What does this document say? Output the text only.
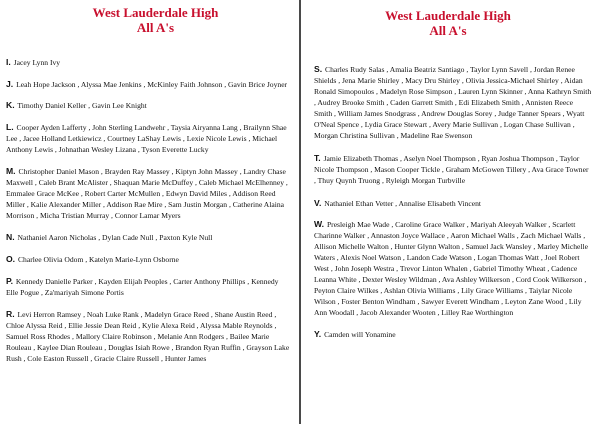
West Lauderdale High
All A's

I. Jacey Lynn Ivy

J. Leah Hope Jackson , Alyssa Mae Jenkins , McKinley Faith Johnson , Gavin Brice Joyner

K. Timothy Daniel Keller , Gavin Lee Knight

L. Cooper Ayden Lafferty , John Sterling Landwehr , Taysia Airyanna Lang , Brailynn Shae Lee , Jacee Holland Letkiewicz , Courtney LaShay Lewis , Lexie Nicole Lewis , Michael Anthony Lewis , Johnathan Wesley Lizana , Tyson Everette Lucky

M. Christopher Daniel Mason , Brayden Ray Massey , Kiptyn John Massey , Landry Chase Maxwell , Caleb Brant McAlister , Shaquan Marie McDuffey , Caleb Michael McElhenney , Emmalee Grace McKee , Robert Carter McMullen , Edwyn David Miles , Addison Reed Miller , Kalie Alexander Miller , Addison Rae Mire , Sam Justin Morgan , Catherine Alaina Morrison , Micha Tristian Murray , Connor Lamar Myers

N. Nathaniel Aaron Nicholas , Dylan Cade Null , Paxton Kyle Null

O. Charlee Olivia Odom , Katelyn Marie-Lynn Osborne

P. Kennedy Danielle Parker , Kayden Elijah Peoples , Carter Anthony Phillips , Kennedy Elle Pogue , Za'mariyah Simone Portis

R. Levi Herron Ramsey , Noah Luke Rank , Madelyn Grace Reed , Shane Austin Reed , Chloe Alyssa Reid , Ellie Jessie Dean Reid , Kylie Alexa Reid , Alyssa Mable Reynolds , Samuel Ross Rhodes , Mallory Claire Robinson , Melanie Ann Rodgers , Bailee Marie Rouleau , Kaylee Dian Rouleau , Douglas Isiah Rowe , Brandon Ryan Ruffin , Grayson Lake Rush , Cole Easton Russell , Gracie Claire Russell , Hunter James

West Lauderdale High
All A's

S. Charles Rudy Salas , Amalia Beatriz Santiago , Taylor Lynn Savell , Jordan Renee Shields , Jena Marie Shirley , Macy Dru Shirley , Olivia Jessica-Michael Shirley , Aidan Ronald Simopoulos , Madelyn Rose Simpson , Lauren Lynn Skinner , Anna Kathryn Smith , Audrey Brooke Smith , Caden Garrett Smith , Edi Elizabeth Smith , Annisten Reece Smith , William James Snodgrass , Andrew Douglas Sorey , Judge Tanner Spears , Wyatt O'Neal Spence , Lydia Grace Stewart , Avery Marie Sullivan , Logan Chase Sullivan , Morgan Christina Sullivan , Madeline Rae Swenson

T. Jamie Elizabeth Thomas , Aselyn Noel Thompson , Ryan Joshua Thompson , Taylor Nicole Thompson , Mason Cooper Tickle , Graham McGowen Tillery , Ava Grace Towner , Thuy Quynh Truong , Ryleigh Morgan Turbville

V. Nathaniel Ethan Vetter , Annalise Elisabeth Vincent

W. Presleigh Mae Wade , Caroline Grace Walker , Mariyah Aleeyah Walker , Scarlett Charinne Walker , Annaston Joyce Wallace , Aaron Michael Walls , Zach Michael Walls , Allison Michelle Walton , Hunter Glynn Walton , Samuel Jack Wansley , Marley Michelle Waters , Alexis Noel Watson , Landon Cade Watson , Logan Thomas Watt , Joel Robert West , John Joseph Westra , Trevor Linton Whalen , Gabriel Timothy Wheat , Cadence Leanna White , Dexter Wesley Wildman , Ava Ashley Wilkerson , Cord Cook Wilkerson , Peyton Claire Wilkes , Ashlan Olivia Williams , Lily Grace Williams , Taiylar Nicole Wilson , Foster Benton Windham , Sawyer Everett Windham , Leyton Zane Wood , Lily Ann Woodall , Jacob Alexander Wooten , Lilley Rae Worthington

Y. Camden will Yonamine
